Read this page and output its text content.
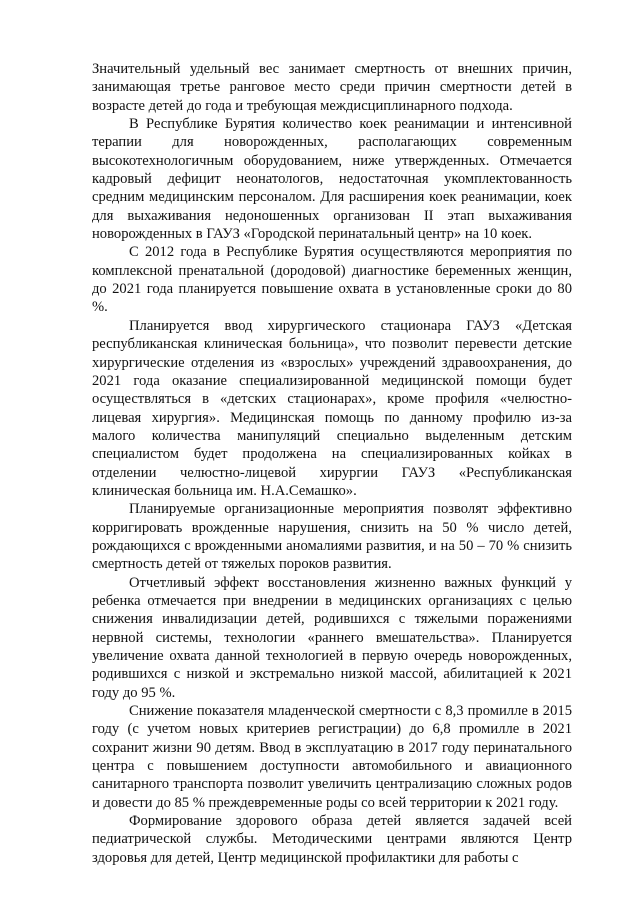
Значительный удельный вес занимает смертность от внешних причин, занимающая третье ранговое место среди причин смертности детей в возрасте детей до года и требующая междисциплинарного подхода.

В Республике Бурятия количество коек реанимации и интенсивной терапии для новорожденных, располагающих современным высокотехнологичным оборудованием, ниже утвержденных. Отмечается кадровый дефицит неонатологов, недостаточная укомплектованность средним медицинским персоналом. Для расширения коек реанимации, коек для выхаживания недоношенных организован II этап выхаживания новорожденных в ГАУЗ «Городской перинатальный центр» на 10 коек.

С 2012 года в Республике Бурятия осуществляются мероприятия по комплексной пренатальной (дородовой) диагностике беременных женщин, до 2021 года планируется повышение охвата в установленные сроки до 80 %.

Планируется ввод хирургического стационара ГАУЗ «Детская республиканская клиническая больница», что позволит перевести детские хирургические отделения из «взрослых» учреждений здравоохранения, до 2021 года оказание специализированной медицинской помощи будет осуществляться в «детских стационарах», кроме профиля «челюстно-лицевая хирургия». Медицинская помощь по данному профилю из-за малого количества манипуляций специально выделенным детским специалистом будет продолжена на специализированных койках в отделении челюстно-лицевой хирургии ГАУЗ «Республиканская клиническая больница им. Н.А.Семашко».

Планируемые организационные мероприятия позволят эффективно корригировать врожденные нарушения, снизить на 50 % число детей, рождающихся с врожденными аномалиями развития, и на 50 – 70 % снизить смертность детей от тяжелых пороков развития.

Отчетливый эффект восстановления жизненно важных функций у ребенка отмечается при внедрении в медицинских организациях с целью снижения инвалидизации детей, родившихся с тяжелыми поражениями нервной системы, технологии «раннего вмешательства». Планируется увеличение охвата данной технологией в первую очередь новорожденных, родившихся с низкой и экстремально низкой массой, абилитацией к 2021 году до 95 %.

Снижение показателя младенческой смертности с 8,3 промилле в 2015 году (с учетом новых критериев регистрации) до 6,8 промилле в 2021 сохранит жизни 90 детям. Ввод в эксплуатацию в 2017 году перинатального центра с повышением доступности автомобильного и авиационного санитарного транспорта позволит увеличить централизацию сложных родов и довести до 85 % преждевременные роды со всей территории к 2021 году.

Формирование здорового образа детей является задачей всей педиатрической службы. Методическими центрами являются Центр здоровья для детей, Центр медицинской профилактики для работы с
